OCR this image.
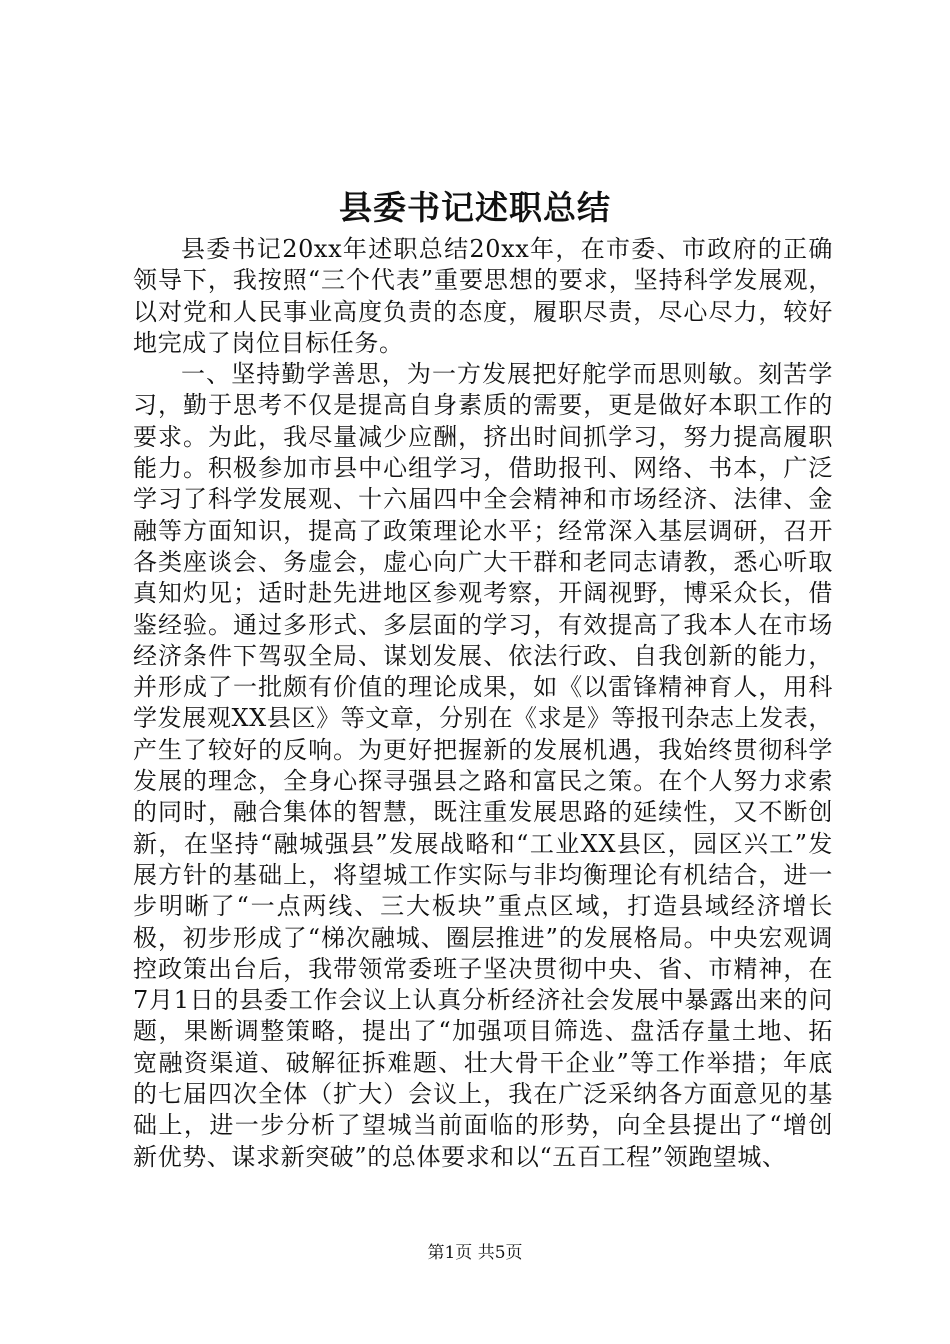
县委书记述职总结

县委书记20xx年述职总结20xx年，在市委、市政府的正确领导下，我按照“三个代表”重要思想的要求，坚持科学发展观，以对党和人民事业高度负责的态度，履职尽责，尽心尽力，较好地完成了岗位目标任务。

一、坚持勤学善思，为一方发展把好舵学而思则敏。刻苦学习，勤于思考不仅是提高自身素质的需要，更是做好本职工作的要求。为此，我尽量减少应酬，挤出时间抓学习，努力提高履职能力。积极参加市县中心组学习，借助报刊、网络、书本，广泛学习了科学发展观、十六届四中全会精神和市场经济、法律、金融等方面知识，提高了政策理论水平；经常深入基层调研，召开各类座谈会、务虚会，虚心向广大干群和老同志请教，悉心听取真知灼见；适时赴先进地区参观考察，开阔视野，博采众长，借鉴经验。通过多形式、多层面的学习，有效提高了我本人在市场经济条件下驾驭全局、谋划发展、依法行政、自我创新的能力，并形成了一批颇有价值的理论成果，如《以雷锋精神育人，用科学发展观XX县区》等文章，分别在《求是》等报刊杂志上发表，产生了较好的反响。为更好把握新的发展机遇，我始终贯彻科学发展的理念，全身心探寻强县之路和富民之策。在个人努力求索的同时，融合集体的智慧，既注重发展思路的延续性，又不断创新，在坚持“融城强县”发展战略和“工业XX县区，园区兴工”发展方针的基础上，将望城工作实际与非均衡理论有机结合，进一步明晰了“一点两线、三大板块”重点区域，打造县域经济增长极，初步形成了“梯次融城、圈层推进”的发展格局。中央宏观调控政策出台后，我带领常委班子坚决贯彻中央、省、市精神，在7月1日的县委工作会议上认真分析经济社会发展中暴露出来的问题，果断调整策略，提出了“加强项目筛选、盘活存量土地、拓宽融资渠道、破解征拆难题、壮大骨干企业”等工作举措；年底的七届四次全体（扩大）会议上，我在广泛采纳各方面意见的基础上，进一步分析了望城当前面临的形势，向全县提出了“增创新优势、谋求新突破”的总体要求和以“五百工程”领跑望城、

第1页 共5页
